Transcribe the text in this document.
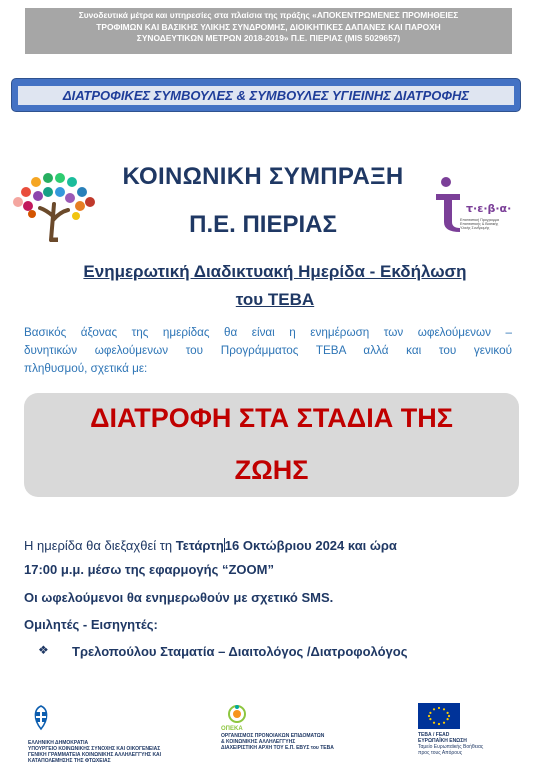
Συνοδευτικά μέτρα και υπηρεσίες στα πλαίσια της πράξης «ΑΠΟΚΕΝΤΡΩΜΕΝΕΣ ΠΡΟΜΗΘΕΙΕΣ
ΤΡΟΦΙΜΩΝ ΚΑΙ ΒΑΣΙΚΗΣ ΥΛΙΚΗΣ ΣΥΝΔΡΟΜΗΣ, ΔΙΟΙΚΗΤΙΚΕΣ ΔΑΠΑΝΕΣ ΚΑΙ ΠΑΡΟΧΗ
ΣΥΝΟΔΕΥΤΙΚΩΝ ΜΕΤΡΩΝ 2018-2019» Π.Ε. ΠΙΕΡΙΑΣ (MIS 5029657)
ΔΙΑΤΡΟΦΙΚΕΣ ΣΥΜΒΟΥΛΕΣ & ΣΥΜΒΟΥΛΕΣ ΥΓΙΕΙΝΗΣ ΔΙΑΤΡΟΦΗΣ
ΚΟΙΝΩΝΙΚΗ ΣΥΜΠΡΑΞΗ
Π.Ε. ΠΙΕΡΙΑΣ
τ·ε·β·α·
Επισιτιστική Προγραμμα
Επισιτιστικής & Βασικής
Υλικής Συνδρομής
Ενημερωτική Διαδικτυακή Ημερίδα - Εκδήλωση
του ΤΕΒΑ
Βασικός άξονας της ημερίδας θα είναι η ενημέρωση των ωφελούμενων –
δυνητικών ωφελούμενων του Προγράμματος ΤΕΒΑ αλλά και του γενικού
πληθυσμού, σχετικά με:
ΔΙΑΤΡΟΦΗ ΣΤΑ ΣΤΑΔΙΑ ΤΗΣ
ΖΩΗΣ
Η ημερίδα θα διεξαχθεί τη Τετάρτη16 Οκτώβριου 2024 και ώρα
17:00 μ.μ. μέσω της εφαρμογής “ZOOM”
Οι ωφελούμενοι θα ενημερωθούν με σχετικό SMS.
Ομιλητές - Εισηγητές:
❖ Τρελοπούλου Σταματία – Διαιτολόγος /Διατροφολόγος
ΕΛΛΗΝΙΚΗ ΔΗΜΟΚΡΑΤΙΑ
ΥΠΟΥΡΓΕΙΟ ΚΟΙΝΩΝΙΚΗΣ ΣΥΝΟΧΗΣ ΚΑΙ ΟΙΚΟΓΕΝΕΙΑΣ
ΓΕΝΙΚΗ ΓΡΑΜΜΑΤΕΙΑ ΚΟΙΝΩΝΙΚΗΣ ΑΛΛΗΛΕΓΓΥΗΣ ΚΑΙ
ΚΑΤΑΠΟΛΕΜΗΣΗΣ ΤΗΣ ΦΤΩΧΕΙΑΣ
ΟΠΕΚΑ
ΟΡΓΑΝΙΣΜΟΣ ΠΡΟΝΟΙΑΚΩΝ ΕΠΙΔΟΜΑΤΩΝ
& ΚΟΙΝΩΝΙΚΗΣ ΑΛΛΗΛΕΓΓΥΗΣ
ΔΙΑΧΕΙΡΙΣΤΙΚΗ ΑΡΧΗ ΤΟΥ Ε.Π. ΕΒΥΣ του ΤΕΒΑ
ΤΕΒΑ / FEAD
ΕΥΡΩΠΑΪΚΗ ΕΝΩΣΗ
Ταμείο Ευρωπαϊκής Βοήθειας
προς τους Απόρους
